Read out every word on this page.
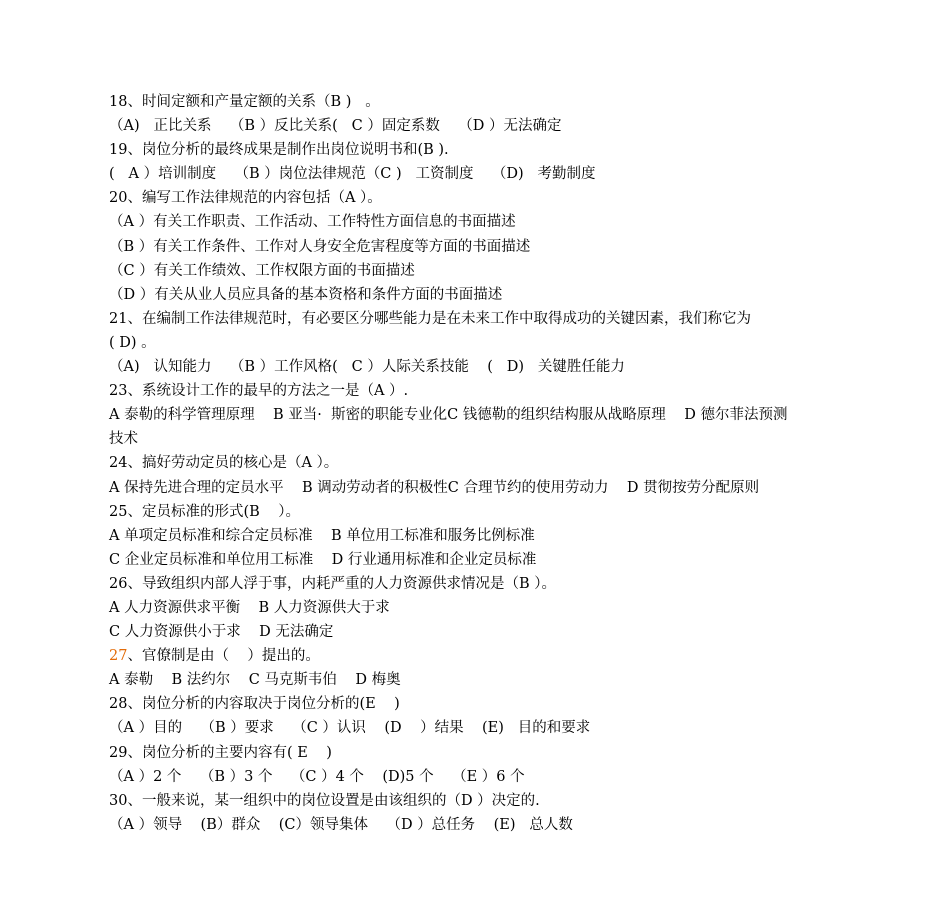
18、时间定额和产量定额的关系（B )   。
（A)   正比关系    （B ）反比关系(   C ）固定系数    （D ）无法确定
19、岗位分析的最终成果是制作出岗位说明书和(B ).
(   A ）培训制度    （B ）岗位法律规范（C )   工资制度    （D)   考勤制度
20、编写工作法律规范的内容包括（A ）。
（A ）有关工作职责、工作活动、工作特性方面信息的书面描述
（B ）有关工作条件、工作对人身安全危害程度等方面的书面描述
（C ）有关工作绩效、工作权限方面的书面描述
（D ）有关从业人员应具备的基本资格和条件方面的书面描述
21、在编制工作法律规范时，有必要区分哪些能力是在未来工作中取得成功的关键因素，我们称它为
( D) 。
（A)   认知能力    （B ）工作风格(   C ）人际关系技能    (   D)   关键胜任能力
23、系统设计工作的最早的方法之一是（A ）.
A 泰勒的科学管理原理    B 亚当·  斯密的职能专业化C 钱德勒的组织结构服从战略原理    D 德尔菲法预测
技术
24、搞好劳动定员的核心是（A ）。
A 保持先进合理的定员水平    B 调动劳动者的积极性C 合理节约的使用劳动力    D 贯彻按劳分配原则
25、定员标准的形式(B    ）。
A 单项定员标准和综合定员标准    B 单位用工标准和服务比例标准
C 企业定员标准和单位用工标准    D 行业通用标准和企业定员标准
26、导致组织内部人浮于事，内耗严重的人力资源供求情况是（B ）。
A 人力资源供求平衡    B 人力资源供大于求
C 人力资源供小于求    D 无法确定
27、官僚制是由（    ）提出的。
A 泰勒    B 法约尔    C 马克斯韦伯    D 梅奥
28、岗位分析的内容取决于岗位分析的(E    )
（A ）目的    （B ）要求    （C ）认识    (D    ）结果    (E)   目的和要求
29、岗位分析的主要内容有( E    )
（A ）2 个    （B ）3 个    （C ）4 个    (D)5 个    （E ）6 个
30、一般来说，某一组织中的岗位设置是由该组织的（D ）决定的.
（A ）领导    (B）群众    (C）领导集体    （D ）总任务    (E)   总人数
